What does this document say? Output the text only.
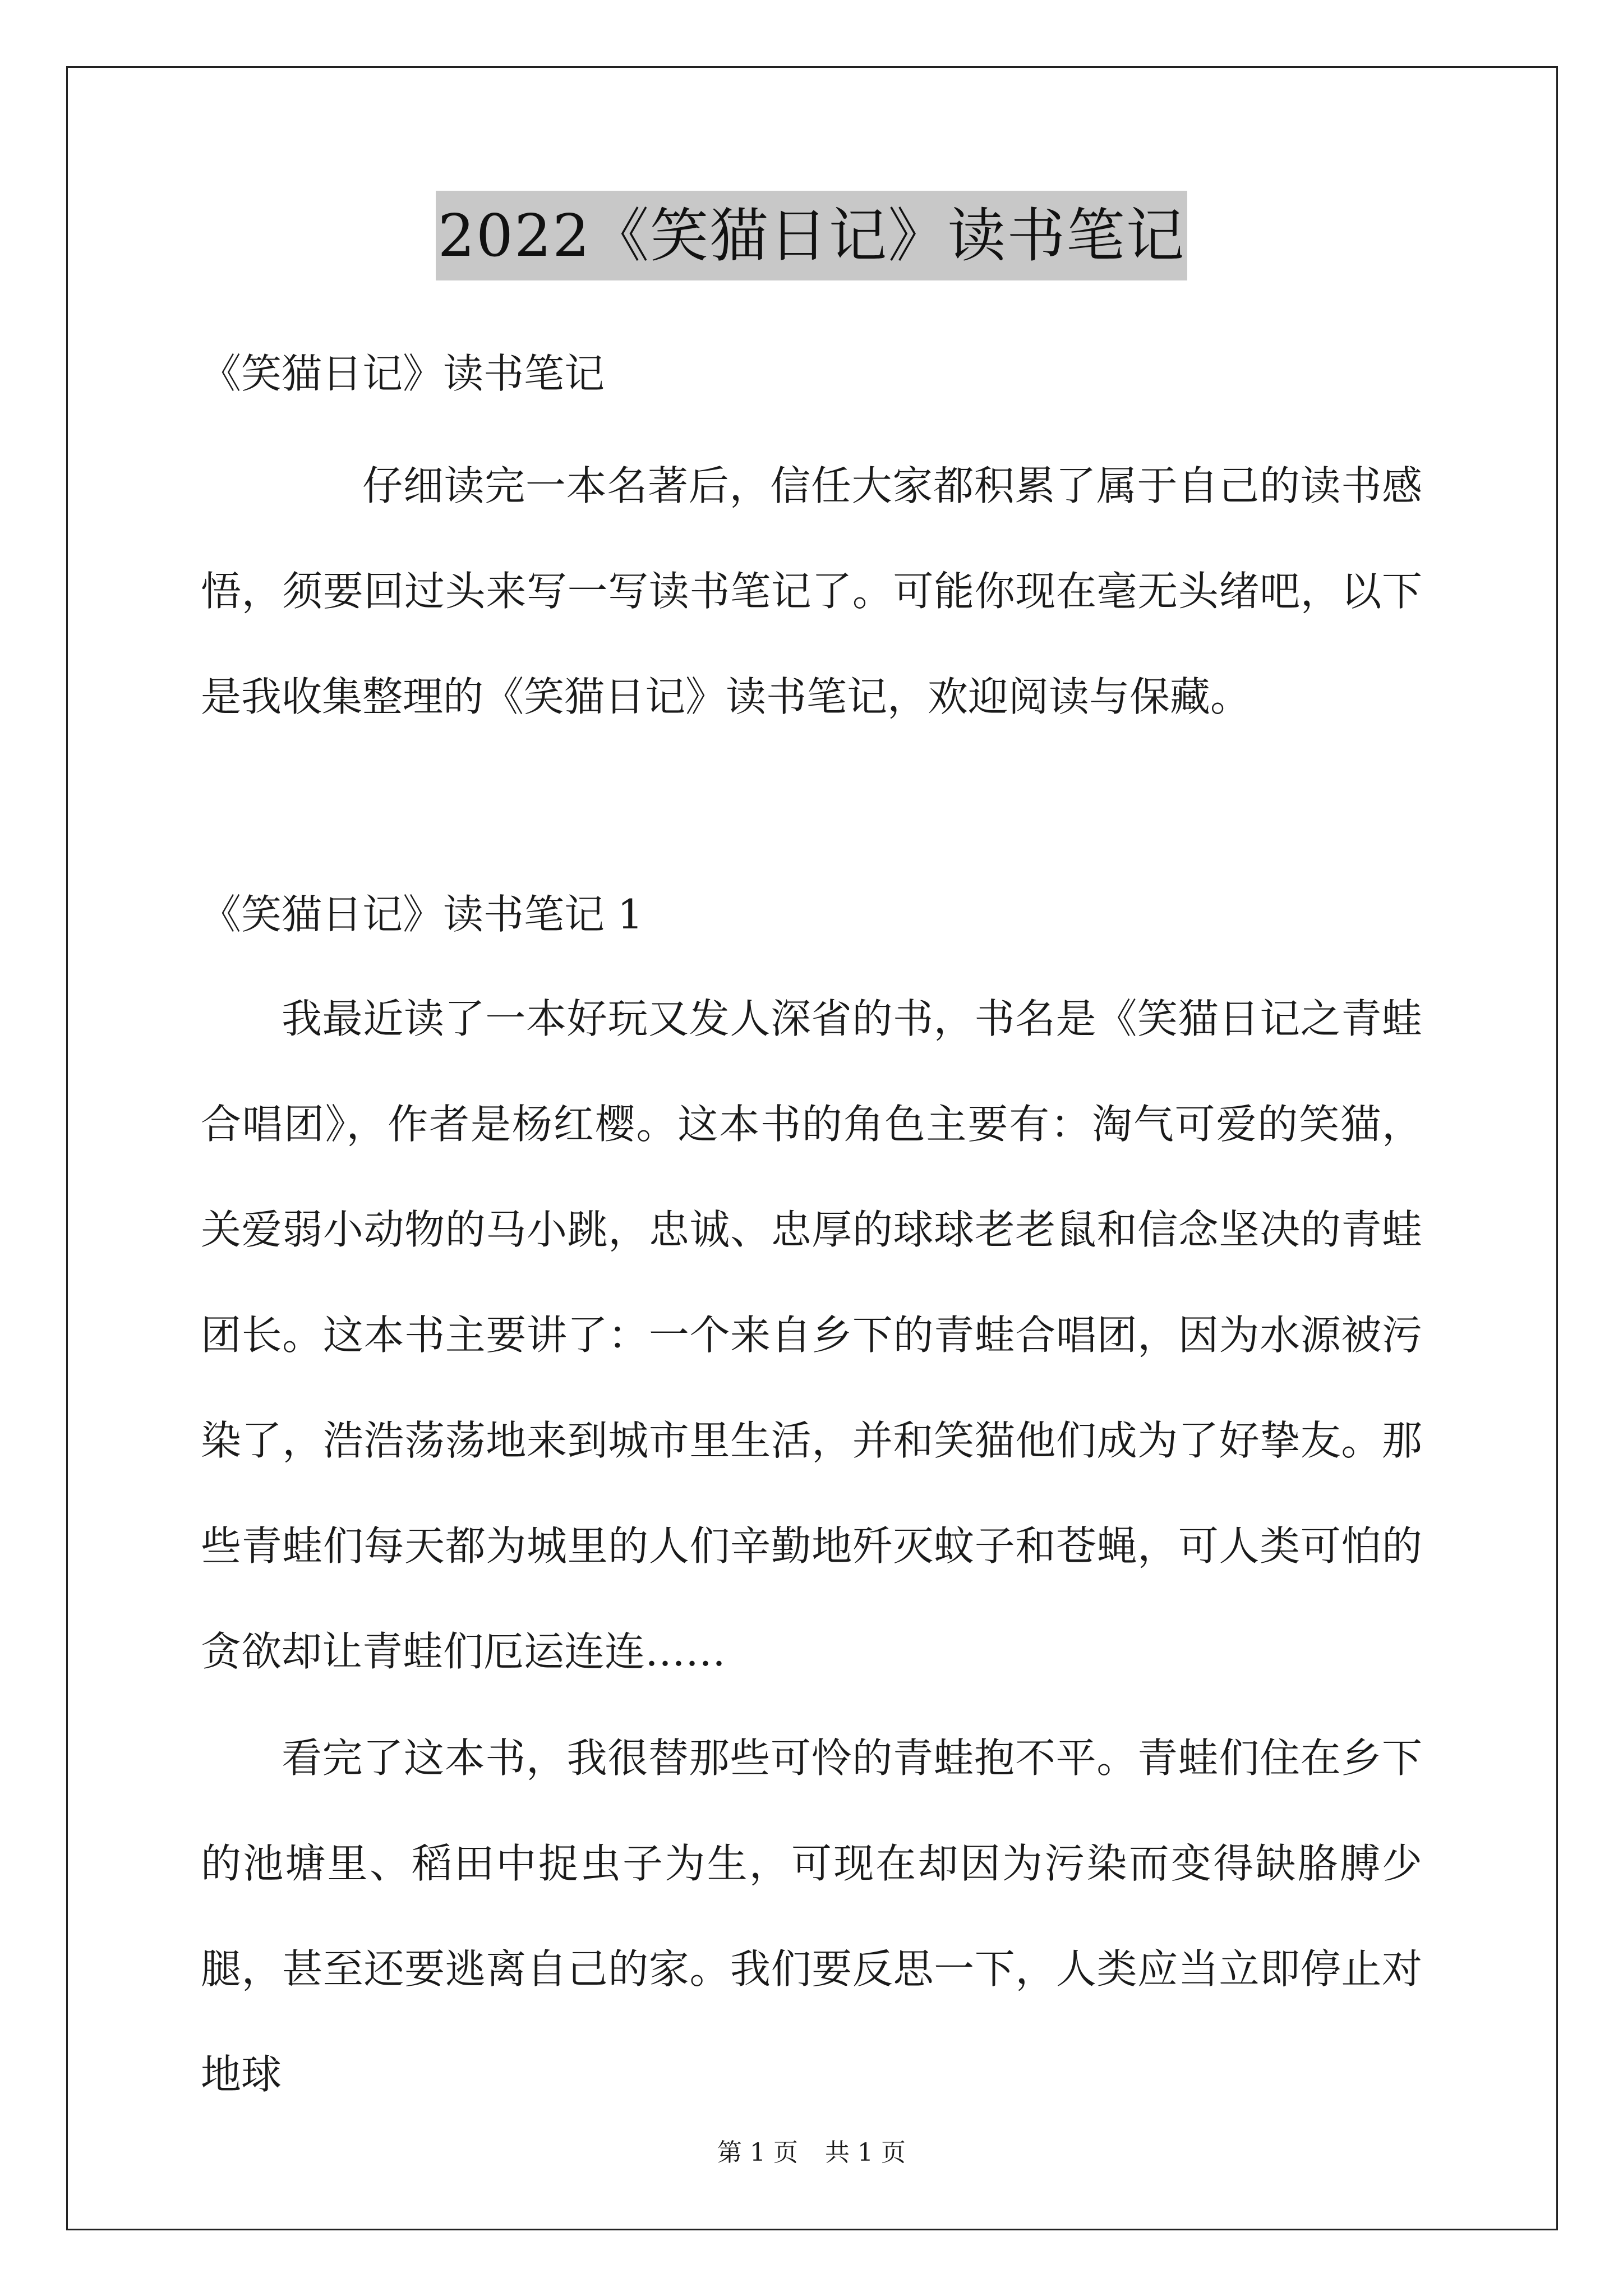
2022《笑猫日记》读书笔记
《笑猫日记》读书笔记

仔细读完一本名著后，信任大家都积累了属于自己的读书感悟，须要回过头来写一写读书笔记了。可能你现在毫无头绪吧，以下是我收集整理的《笑猫日记》读书笔记，欢迎阅读与保藏。

《笑猫日记》读书笔记 1

我最近读了一本好玩又发人深省的书，书名是《笑猫日记之青蛙合唱团》，作者是杨红樱。这本书的角色主要有：淘气可爱的笑猫，关爱弱小动物的马小跳，忠诚、忠厚的球球老老鼠和信念坚决的青蛙团长。这本书主要讲了：一个来自乡下的青蛙合唱团，因为水源被污染了，浩浩荡荡地来到城市里生活，并和笑猫他们成为了好挚友。那些青蛙们每天都为城里的人们辛勤地歼灭蚊子和苍蝇，可人类可怕的贪欲却让青蛙们厄运连连……

看完了这本书，我很替那些可怜的青蛙抱不平。青蛙们住在乡下的池塘里、稻田中捉虫子为生，可现在却因为污染而变得缺胳膊少腿，甚至还要逃离自己的家。我们要反思一下，人类应当立即停止对地球

第 1 页 共 1 页
